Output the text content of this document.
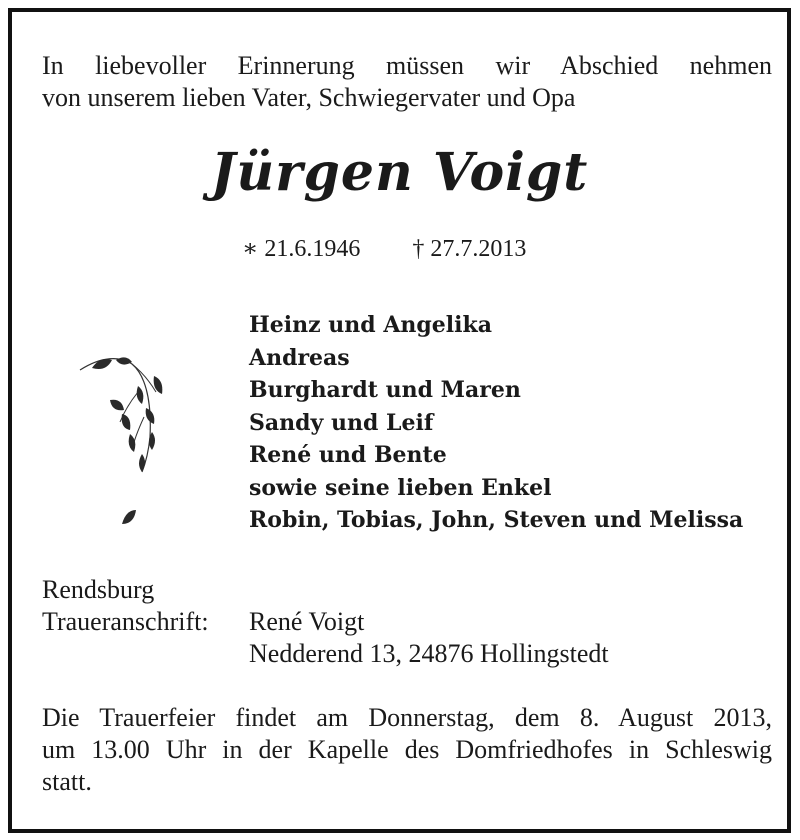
In liebevoller Erinnerung müssen wir Abschied nehmen
von unserem lieben Vater, Schwiegervater und Opa

Jürgen Voigt
∗ 21.6.1946 † 27.7.2013
Heinz und Angelika
Andreas
Burghardt und Maren
Sandy und Leif
René und Bente
sowie seine lieben Enkel
Robin, Tobias, John, Steven und Melissa

Rendsburg

Traueranschrift: René Voigt
Nedderend 13, 24876 Hollingstedt

Die Trauerfeier findet am Donnerstag, dem 8. August 2013,
um 13.00 Uhr in der Kapelle des Domfriedhofes in Schleswig
statt.
